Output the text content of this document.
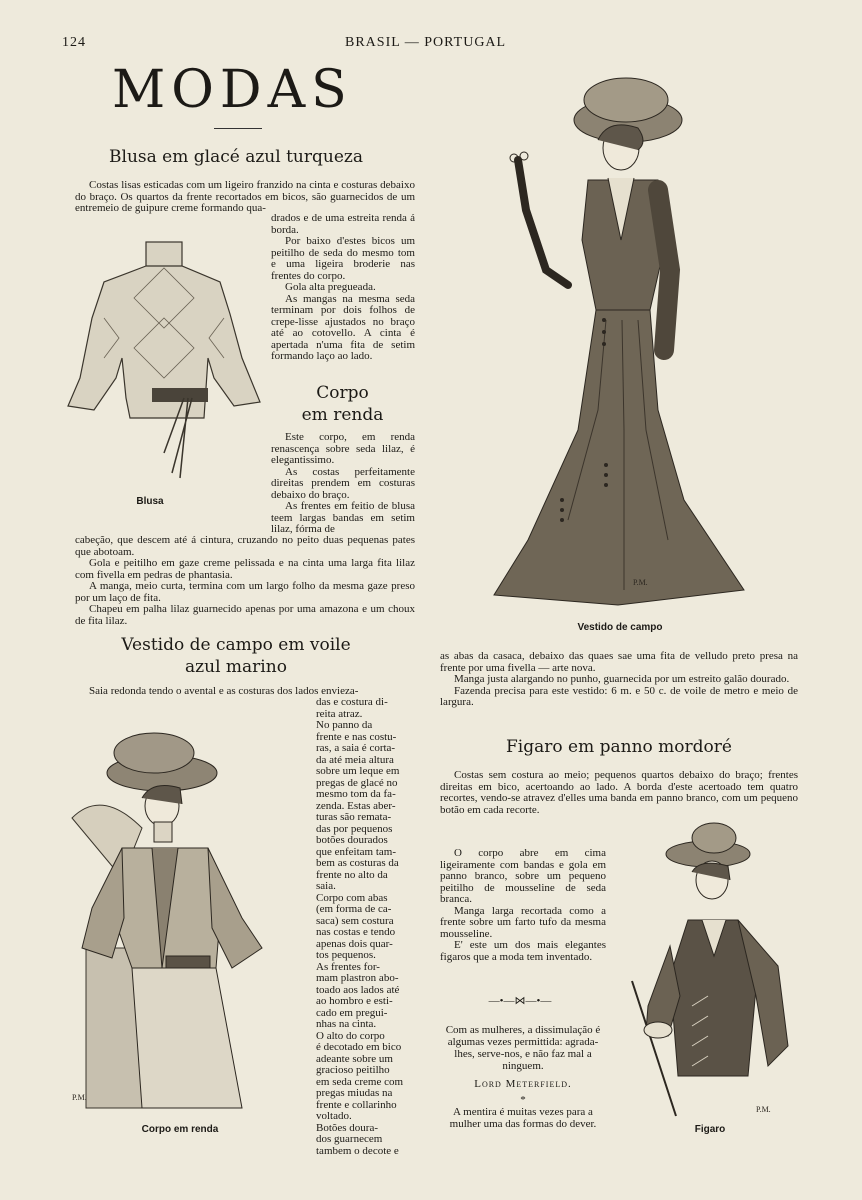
124	BRASIL — PORTUGAL
MODAS
Blusa em glacé azul turqueza

Costas lisas esticadas com um ligeiro franzido na cinta e costuras debaixo do braço. Os quartos da frente recortados em bicos, são guarnecidos de um entremeio de guipure creme formando qua-

drados e de uma estreita renda á borda.

Por baixo d'estes bicos um peitilho de seda do mesmo tom e uma ligeira broderie nas frentes do corpo.

Gola alta pregueada.

As mangas na mesma seda terminam por dois folhos de crepe-lisse ajustados no braço até ao cotovello. A cinta é apertada n'uma fita de setim formando laço ao lado.

Blusa
Corpo
em renda

Este corpo, em renda renascença sobre seda lilaz, é elegantissimo.

As costas perfeitamente direitas prendem em costuras debaixo do braço.

As frentes em feitio de blusa teem largas bandas em setim lilaz, fórma de

cabeção, que descem até á cintura, cruzando no peito duas pequenas pates que abotoam.

Gola e peitilho em gaze creme pelissada e na cinta uma larga fita lilaz com fivella em pedras de phantasia.

A manga, meio curta, termina com um largo folho da mesma gaze preso por um laço de fita.

Chapeu em palha lilaz guarnecido apenas por uma amazona e um choux de fita lilaz.

P.M.
Vestido de campo
Vestido de campo em voile
azul marino

Saia redonda tendo o avental e as costuras dos lados envieza-

das e costura di-
reita atraz.
No panno da
frente e nas costu-
ras, a saia é corta-
da até meia altura
sobre um leque em
pregas de glacé no
mesmo tom da fa-
zenda. Estas aber-
turas são remata-
das por pequenos
botões dourados
que enfeitam tam-
bem as costuras da
frente no alto da
saia.
Corpo com abas
(em forma de ca-
saca) sem costura
nas costas e tendo
apenas dois quar-
tos pequenos.
As frentes for-
mam plastron abo-
toado aos lados até
ao hombro e esti-
cado em pregui-
nhas na cinta.
O alto do corpo
é decotado em bico
adeante sobre um
gracioso peitilho
em seda creme com
pregas miudas na
frente e collarinho
voltado.
Botões doura-
dos guarnecem
tambem o decote e
P.M.
Corpo em renda

as abas da casaca, debaixo das quaes sae uma fita de velludo preto presa na frente por uma fivella — arte nova.

Manga justa alargando no punho, guarnecida por um estreito galão dourado.

Fazenda precisa para este vestido: 6 m. e 50 c. de voile de metro e meio de largura.

Figaro em panno mordoré

Costas sem costura ao meio; pequenos quartos debaixo do braço; frentes direitas em bico, acertoando ao lado. A borda d'este acertoado tem quatro recortes, vendo-se atravez d'elles uma banda em panno branco, com um pequeno botão em cada recorte.

O corpo abre em cima ligeiramente com bandas e gola em panno branco, sobre um pequeno peitilho de mousseline de seda branca.

Manga larga recortada como a frente sobre um farto tufo da mesma mousseline.

E' este um dos mais elegantes figaros que a moda tem inventado.

—•—⋈—•—
Com as mulheres, a dissimulação é algumas vezes permittida: agrada-lhes, serve-nos, e não faz mal a ninguem.
Lord Meterfield.
*
A mentira é muitas vezes para a mulher uma das formas do dever.
P.M.
Figaro
